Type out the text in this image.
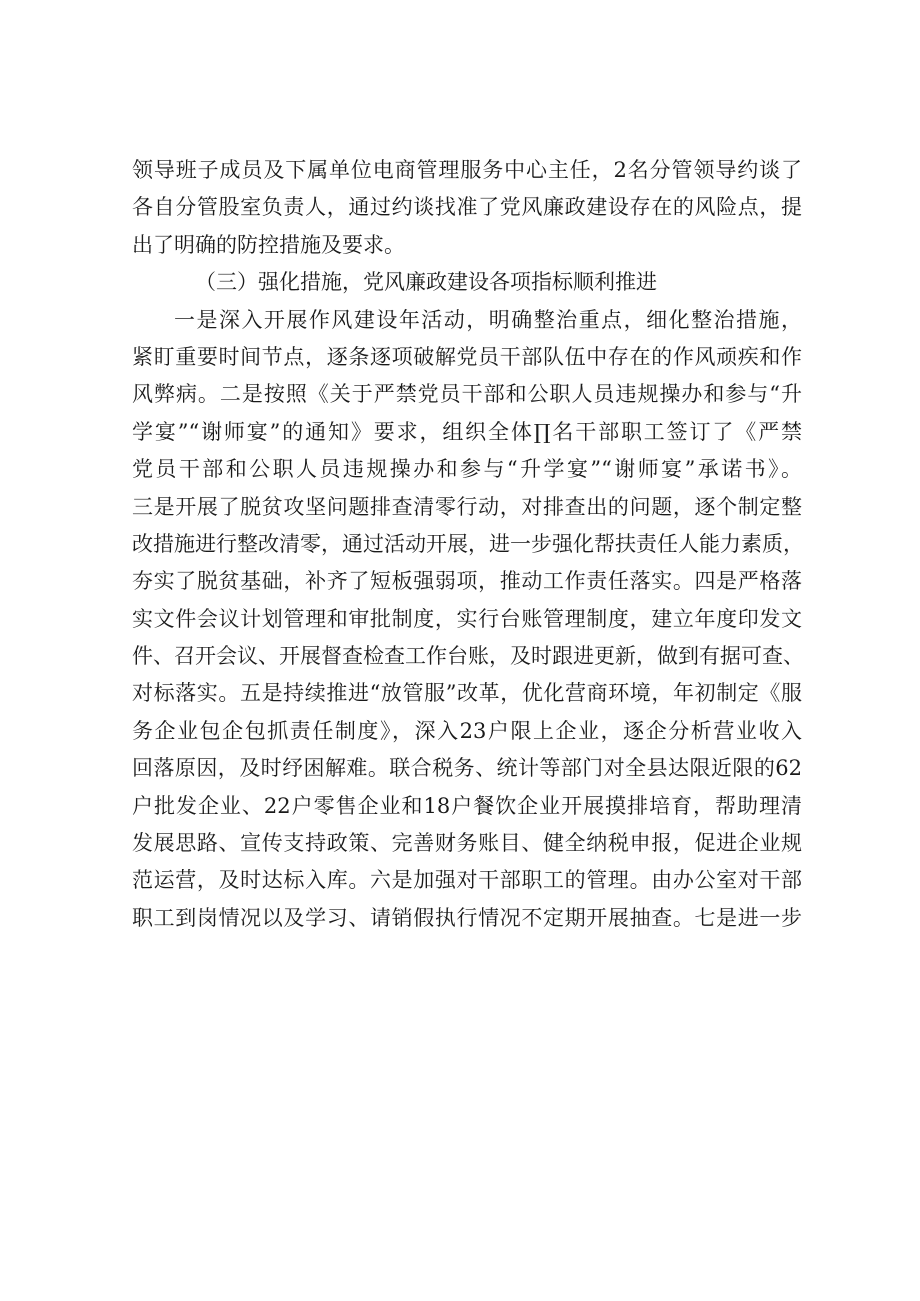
领导班子成员及下属单位电商管理服务中心主任，2名分管领导约谈了
各自分管股室负责人，通过约谈找准了党风廉政建设存在的风险点，提
出了明确的防控措施及要求。
（三）强化措施，党风廉政建设各项指标顺利推进
一是深入开展作风建设年活动，明确整治重点，细化整治措施，
紧盯重要时间节点，逐条逐项破解党员干部队伍中存在的作风顽疾和作
风弊病。二是按照《关于严禁党员干部和公职人员违规操办和参与“升
学宴”“谢师宴”的通知》要求，组织全体∏名干部职工签订了《严禁
党员干部和公职人员违规操办和参与“升学宴”“谢师宴”承诺书》。
三是开展了脱贫攻坚问题排查清零行动，对排查出的问题，逐个制定整
改措施进行整改清零，通过活动开展，进一步强化帮扶责任人能力素质，
夯实了脱贫基础，补齐了短板强弱项，推动工作责任落实。四是严格落
实文件会议计划管理和审批制度，实行台账管理制度，建立年度印发文
件、召开会议、开展督查检查工作台账，及时跟进更新，做到有据可查、
对标落实。五是持续推进“放管服”改革，优化营商环境，年初制定《服
务企业包企包抓责任制度》，深入23户限上企业，逐企分析营业收入
回落原因，及时纾困解难。联合税务、统计等部门对全县达限近限的62
户批发企业、22户零售企业和18户餐饮企业开展摸排培育，帮助理清
发展思路、宣传支持政策、完善财务账目、健全纳税申报，促进企业规
范运营，及时达标入库。六是加强对干部职工的管理。由办公室对干部
职工到岗情况以及学习、请销假执行情况不定期开展抽查。七是进一步
